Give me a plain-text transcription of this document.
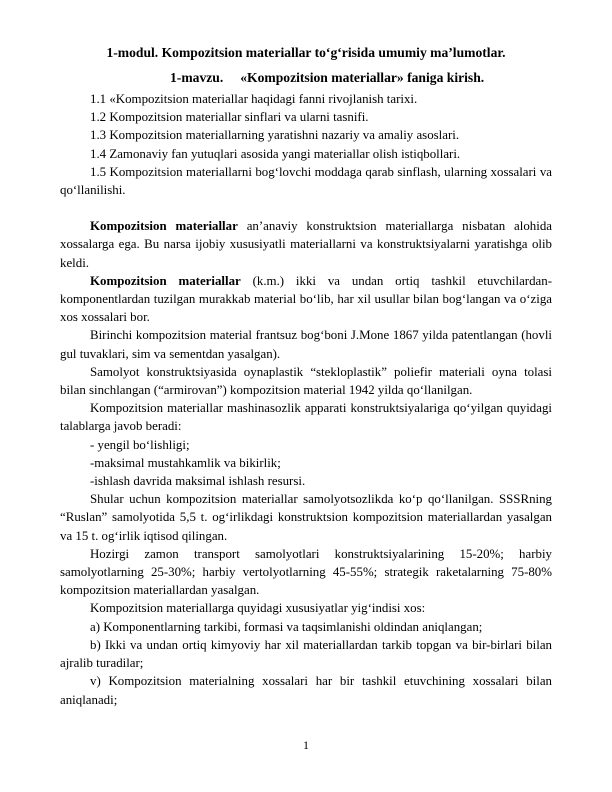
1-modul. Kompozitsion materiallar to‘g‘risida umumiy ma’lumotlar.
1-mavzu. «Kompozitsion materiallar» faniga kirish.

1.1 «Kompozitsion materiallar haqidagi fanni rivojlanish tarixi.

1.2 Kompozitsion materiallar sinflari va ularni tasnifi.

1.3 Kompozitsion materiallarning yaratishni nazariy va amaliy asoslari.

1.4 Zamonaviy fan yutuqlari asosida yangi materiallar olish istiqbollari.

1.5 Kompozitsion materiallarni bog‘lovchi moddaga qarab sinflash, ularning xossalari va qo‘llanilishi.

Kompozitsion materiallar an’anaviy konstruktsion materiallarga nisbatan alohida xossalarga ega. Bu narsa ijobiy xususiyatli materiallarni va konstruktsiyalarni yaratishga olib keldi.

Kompozitsion materiallar (k.m.) ikki va undan ortiq tashkil etuvchilardan-komponentlardan tuzilgan murakkab material bo‘lib, har xil usullar bilan bog‘langan va o‘ziga xos xossalari bor.

Birinchi kompozitsion material frantsuz bog‘boni J.Mone 1867 yilda patentlangan (hovli gul tuvaklari, sim va sementdan yasalgan).

Samolyot konstruktsiyasida oynaplastik “stekloplastik” poliefir materiali oyna tolasi bilan sinchlangan (“armirovan”) kompozitsion material 1942 yilda qo‘llanilgan.

Kompozitsion materiallar mashinasozlik apparati konstruktsiyalariga qo‘yilgan quyidagi talablarga javob beradi:

- yengil bo‘lishligi;

-maksimal mustahkamlik va bikirlik;

-ishlash davrida maksimal ishlash resursi.

Shular uchun kompozitsion materiallar samolyotsozlikda ko‘p qo‘llanilgan. SSSRning “Ruslan” samolyotida 5,5 t. og‘irlikdagi konstruktsion kompozitsion materiallardan yasalgan va 15 t. og‘irlik iqtisod qilingan.

Hozirgi zamon transport samolyotlari konstruktsiyalarining 15-20%; harbiy samolyotlarning 25-30%; harbiy vertolyotlarning 45-55%; strategik raketalarning 75-80% kompozitsion materiallardan yasalgan.

Kompozitsion materiallarga quyidagi xususiyatlar yig‘indisi xos:

a) Komponentlarning tarkibi, formasi va taqsimlanishi oldindan aniqlangan;

b) Ikki va undan ortiq kimyoviy har xil materiallardan tarkib topgan va bir-birlari bilan ajralib turadilar;

v) Kompozitsion materialning xossalari har bir tashkil etuvchining xossalari bilan aniqlanadi;

1
